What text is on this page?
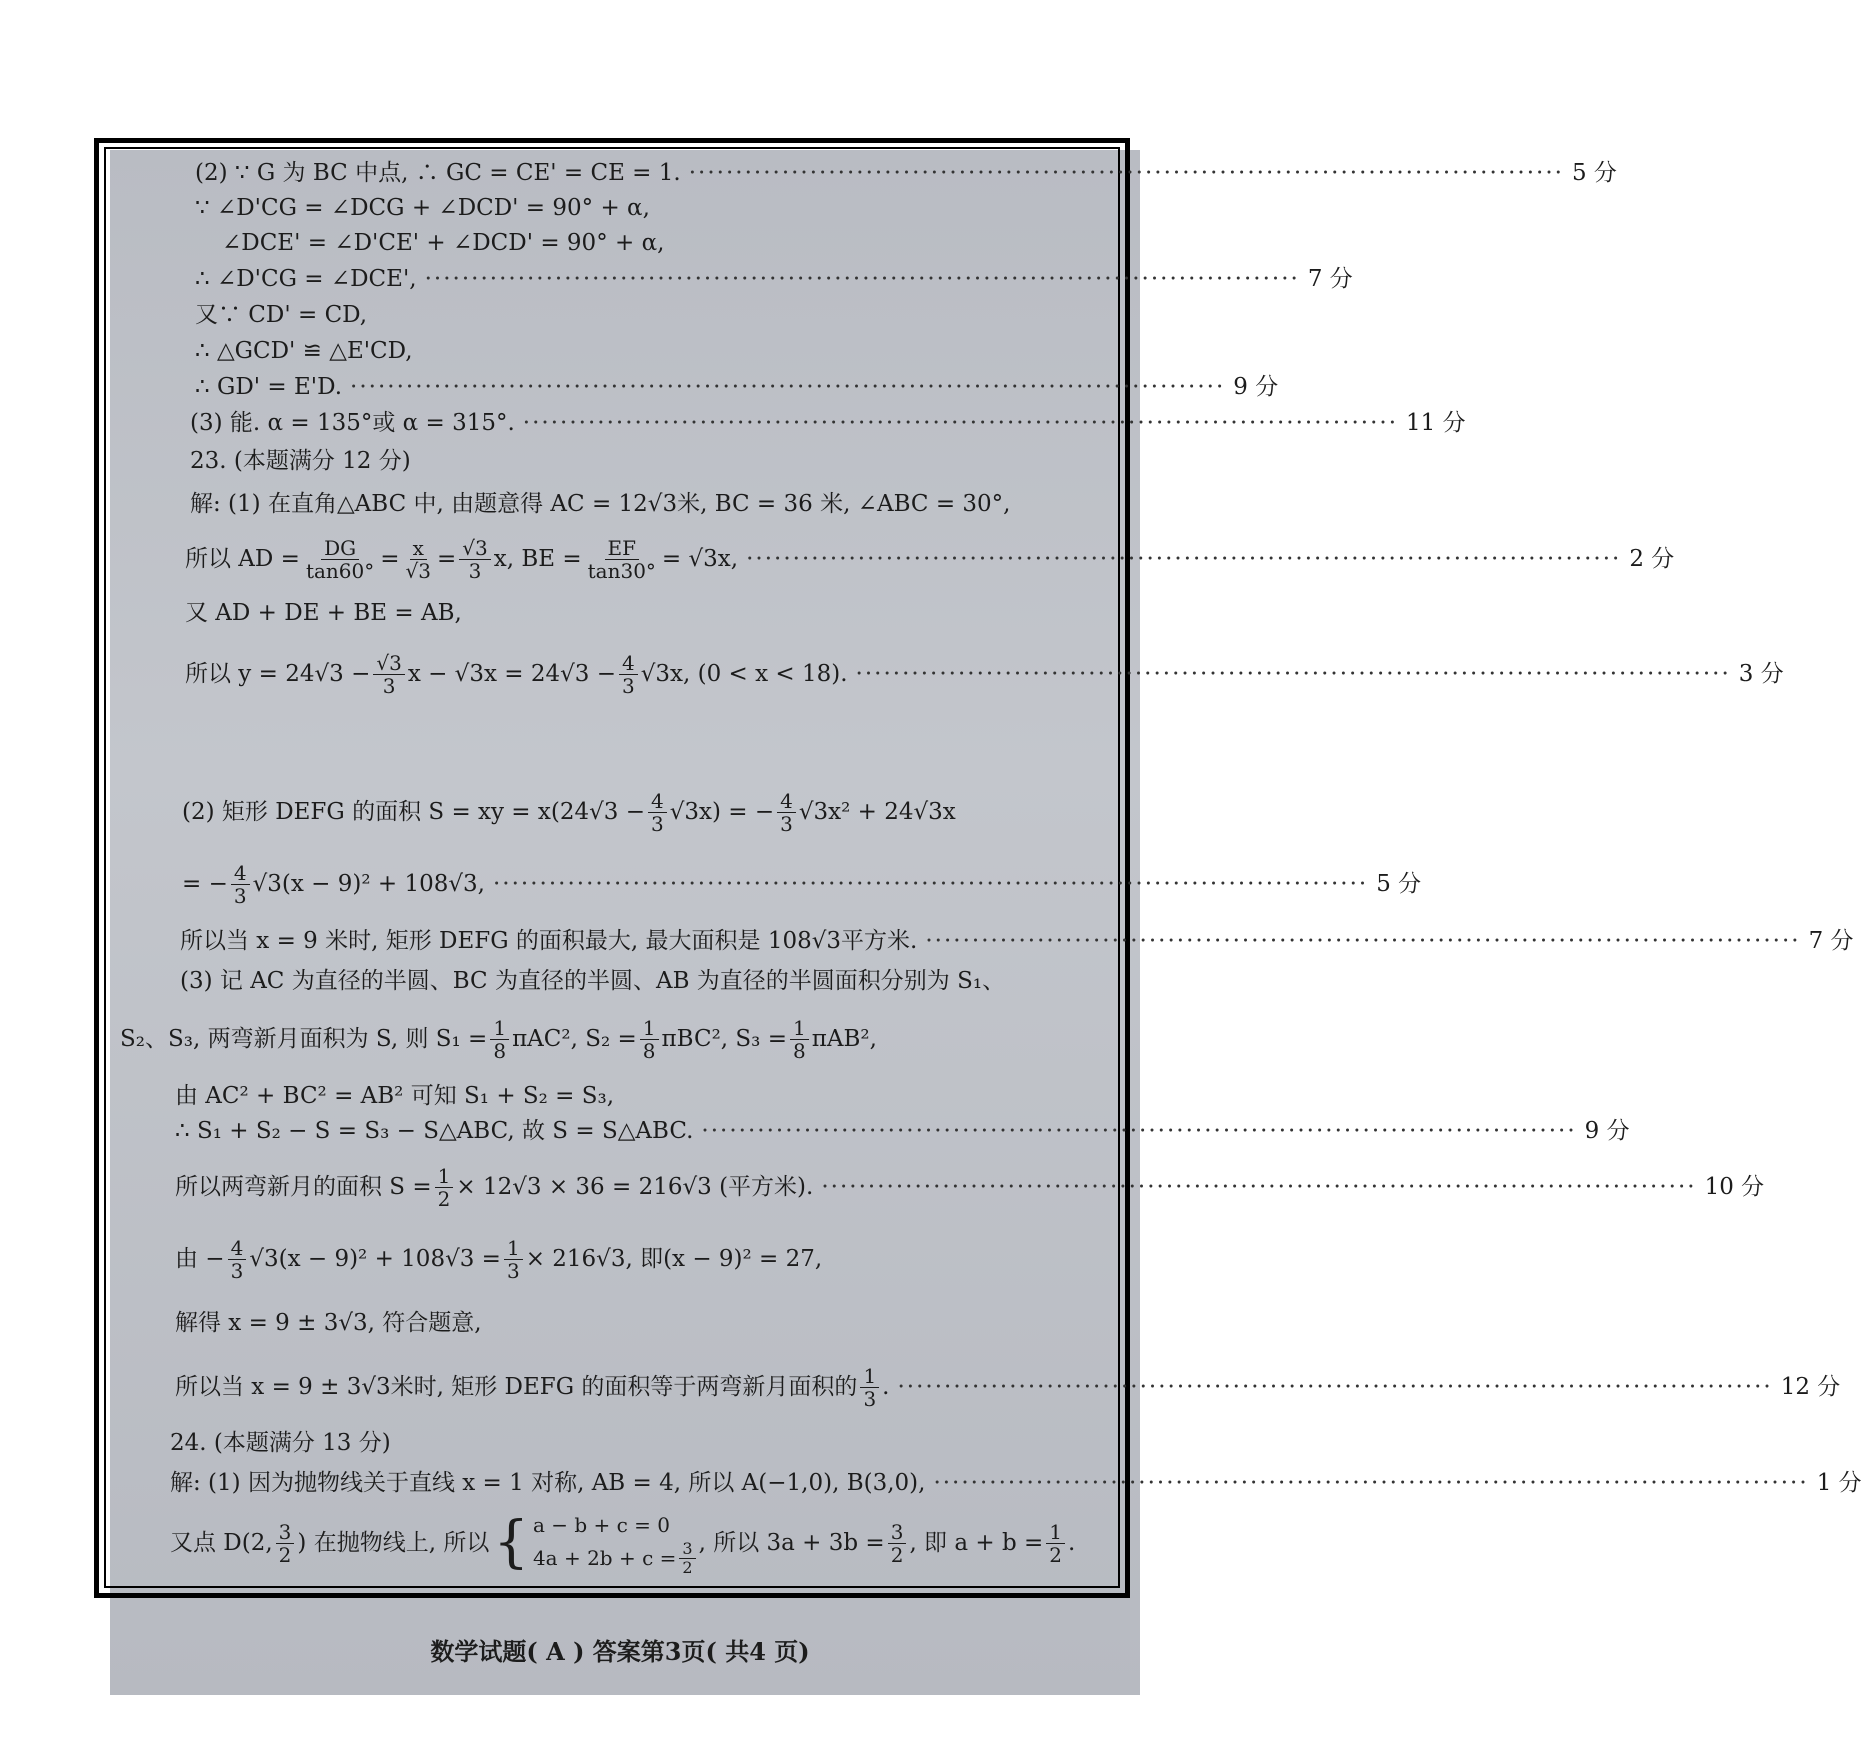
(2) ∵ G 为 BC 中点, ∴ GC = CE' = CE = 1. ······························································································ 5 分
∵ ∠D'CG = ∠DCG + ∠DCD' = 90° + α,
∠DCE' = ∠D'CE' + ∠DCD' = 90° + α,
∴ ∠D'CG = ∠DCE', ······························································································ 7 分
又∵ CD' = CD,
∴ △GCD' ≌ △E'CD,
∴ GD' = E'D. ······························································································ 9 分
(3) 能. α = 135°或 α = 315°. ······························································································ 11 分
23. (本题满分 12 分)
解: (1) 在直角△ABC 中, 由题意得 AC = 12√3米, BC = 36 米, ∠ABC = 30°,
所以 AD = $\frac{DG}{\tan 60^\circ} = \frac{x}{√3} = \frac{√3}{3} x$, BE = $\frac{EF}{\tan 30^\circ} = √3x$, ······························································································ 2 分
又 AD + DE + BE = AB,
所以 $y = 24√3 - \frac{√3}{3}$ $x - √3x = 24√3 - \frac{4}{3} √3x$, (0 < x < 18). ······························································································ 3 分
(2) 矩形 DEFG 的面积 S = xy = $x(24√3 - \frac{4}{3} √3x)$ = − $\frac{4}{3} √3x^2 + 24√3x$
= − $\frac{4}{3} √3(x - 9)^2 + 108√3$, ······························································································ 5 分
所以当 x = 9 米时, 矩形 DEFG 的面积最大, 最大面积是 108√3平方米. ······························································································ 7 分
(3) 记 AC 为直径的半圆、BC 为直径的半圆、AB 为直径的半圆面积分别为 S₁、
S₂、S₃, 两弯新月面积为 S, 则 $S_1 = \frac{1}{8} \pi AC^2$, $S_2 = \frac{1}{8} \pi BC^2$, $S_3 = \frac{1}{8} \pi AB^2$,
由 AC² + BC² = AB² 可知 S₁ + S₂ = S₃,
∴ S₁ + S₂ − S = S₃ − S△ABC, 故 S = S△ABC. ······························································································ 9 分
所以两弯新月的面积 $S = \frac{1}{2} \times 12√3 \times 36 = 216√3$ (平方米). ······························································································ 10 分
由 − $\frac{4}{3} √3(x - 9)^2 + 108√3 = \frac{1}{3} \times 216√3$, 即(x − 9)² = 27,
解得 x = 9 ± 3√3, 符合题意,
所以当 x = 9 ± 3√3米时, 矩形 DEFG 的面积等于两弯新月面积的 $\frac{1}{3}$ . ······························································································ 12 分
24. (本题满分 13 分)
解: (1) 因为抛物线关于直线 x = 1 对称, AB = 4, 所以 A(−1,0), B(3,0), ······························································································ 1 分
又点 D(2, $\frac{3}{2}$ ) 在抛物线上, 所以 { a − b + c = 0
$4a + 2b + c = \frac{3}{2}$ , 所以 $3a + 3b = \frac{3}{2}$ , 即 $a + b = \frac{1}{2}$ .
数学试题( A ) 答案第3页( 共4 页)
